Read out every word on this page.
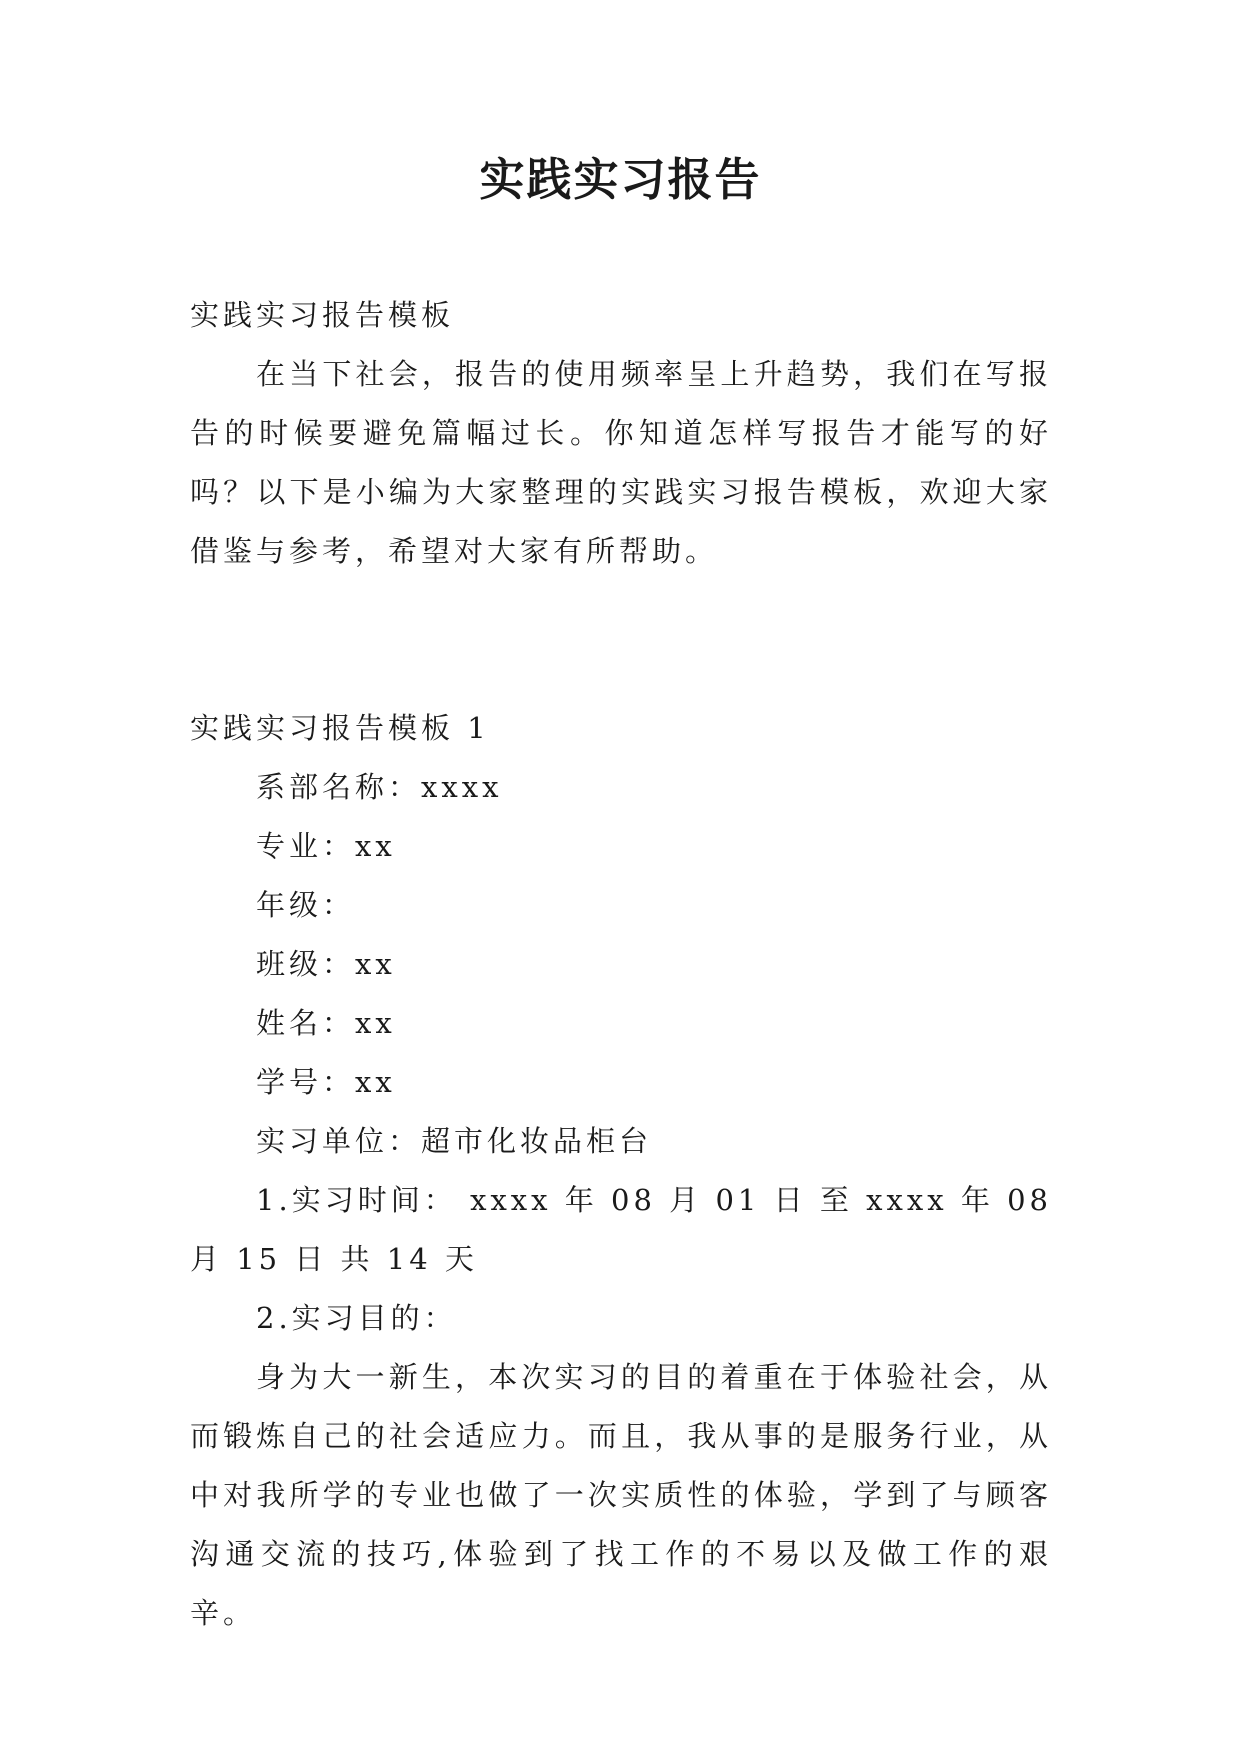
实践实习报告

实践实习报告模板

在当下社会，报告的使用频率呈上升趋势，我们在写报告的时候要避免篇幅过长。你知道怎样写报告才能写的好吗？以下是小编为大家整理的实践实习报告模板，欢迎大家借鉴与参考，希望对大家有所帮助。

实践实习报告模板 1

系部名称：xxxx

专业：xx

年级：

班级：xx

姓名：xx

学号：xx

实习单位：超市化妆品柜台

1.实习时间： xxxx 年 08 月 01 日 至 xxxx 年 08 月 15 日 共 14 天

2.实习目的：

身为大一新生，本次实习的目的着重在于体验社会，从而锻炼自己的社会适应力。而且，我从事的是服务行业，从中对我所学的专业也做了一次实质性的体验，学到了与顾客沟通交流的技巧,体验到了找工作的不易以及做工作的艰辛。
